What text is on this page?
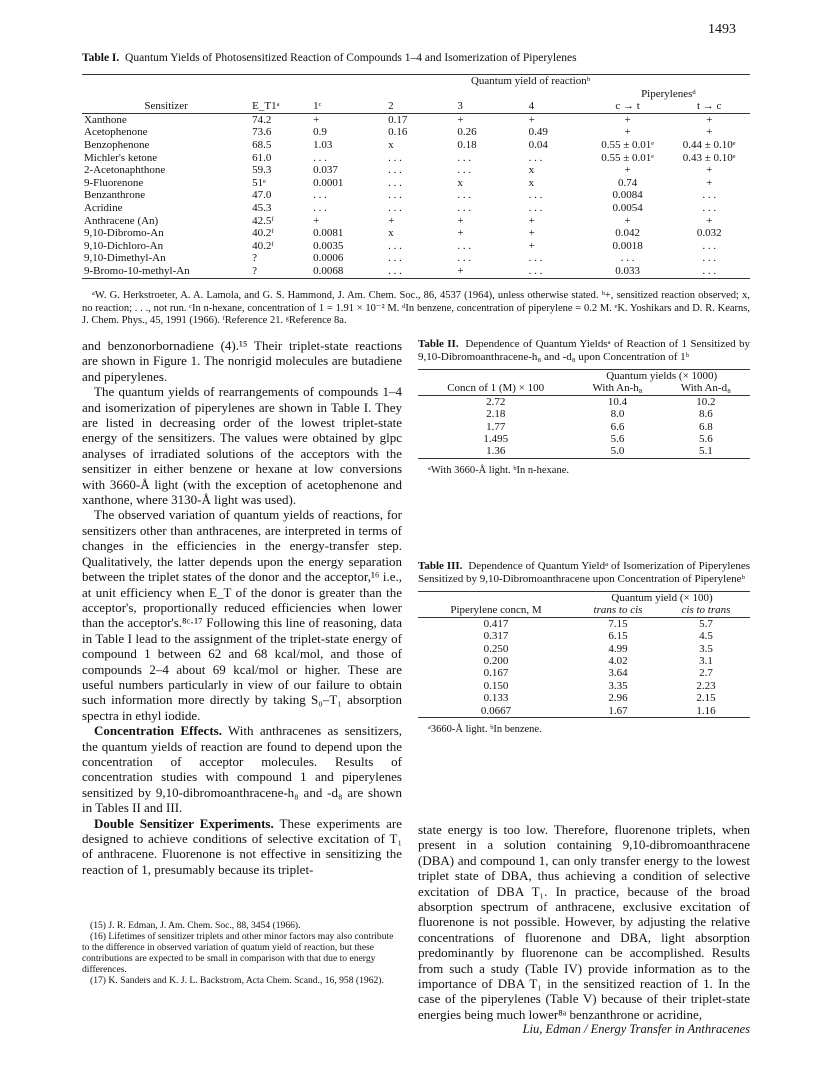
1493
Table I. Quantum Yields of Photosensitized Reaction of Compounds 1–4 and Isomerization of Piperylenes
		Quantum yield of reactionᵇ					
						Piperylenesᵈ	
Sensitizer	E_T1ᵃ	1ᶜ	2	3	4	c → t	t → c
Xanthone	74.2	+	0.17	+	+	+	+
Acetophenone	73.6	0.9	0.16	0.26	0.49	+	+
Benzophenone	68.5	1.03	x	0.18	0.04	0.55 ± 0.01ᵉ	0.44 ± 0.10ᵉ
Michler's ketone	61.0	. . .	. . .	. . .	. . .	0.55 ± 0.01ᵉ	0.43 ± 0.10ᵉ
2-Acetonaphthone	59.3	0.037	. . .	. . .	x	+	+
9-Fluorenone	51ᵉ	0.0001	. . .	x	x	0.74	+
Benzanthrone	47.0	. . .	. . .	. . .	. . .	0.0084	. . .
Acridine	45.3	. . .	. . .	. . .	. . .	0.0054	. . .
Anthracene (An)	42.5ᶠ	+	+	+	+	+	+
9,10-Dibromo-An	40.2ᶠ	0.0081	x	+	+	0.042	0.032
9,10-Dichloro-An	40.2ᶠ	0.0035	. . .	. . .	+	0.0018	. . .
9,10-Dimethyl-An	?	0.0006	. . .	. . .	. . .	. . .	. . .
9-Bromo-10-methyl-An	?	0.0068	. . .	+	. . .	0.033	. . .
ᵃW. G. Herkstroeter, A. A. Lamola, and G. S. Hammond, J. Am. Chem. Soc., 86, 4537 (1964), unless otherwise stated. ᵇ+, sensitized reaction observed; x, no reaction; . . ., not run. ᶜIn n-hexane, concentration of 1 = 1.91 × 10⁻² M. ᵈIn benzene, concentration of piperylene = 0.2 M. ᵉK. Yoshikars and D. R. Kearns, J. Chem. Phys., 45, 1991 (1966). ᶠReference 21. ᵍReference 8a.

and benzonorbornadiene (4).¹⁵ Their triplet-state reactions are shown in Figure 1. The nonrigid molecules are butadiene and piperylenes.

The quantum yields of rearrangements of compounds 1–4 and isomerization of piperylenes are shown in Table I. They are listed in decreasing order of the lowest triplet-state energy of the sensitizers. The values were obtained by glpc analyses of irradiated solutions of the acceptors with the sensitizer in either benzene or hexane at low conversions with 3660-Å light (with the exception of acetophenone and xanthone, where 3130-Å light was used).

The observed variation of quantum yields of reactions, for sensitizers other than anthracenes, are interpreted in terms of changes in the efficiencies in the energy-transfer step. Qualitatively, the latter depends upon the energy separation between the triplet states of the donor and the acceptor,¹⁶ i.e., at unit efficiency when E_T of the donor is greater than the acceptor's, proportionally reduced efficiencies when lower than the acceptor's.⁸ᶜ·¹⁷ Following this line of reasoning, data in Table I lead to the assignment of the triplet-state energy of compound 1 between 62 and 68 kcal/mol, and those of compounds 2–4 about 69 kcal/mol or higher. These are useful numbers particularly in view of our failure to obtain such information more directly by taking S₀–T₁ absorption spectra in ethyl iodide.

Concentration Effects. With anthracenes as sensitizers, the quantum yields of reaction are found to depend upon the concentration of acceptor molecules. Results of concentration studies with compound 1 and piperylenes sensitized by 9,10-dibromoanthracene-h₈ and -d₈ are shown in Tables II and III.

Double Sensitizer Experiments. These experiments are designed to achieve conditions of selective excitation of T₁ of anthracene. Fluorenone is not effective in sensitizing the reaction of 1, presumably because its triplet-

(15) J. R. Edman, J. Am. Chem. Soc., 88, 3454 (1966).
(16) Lifetimes of sensitizer triplets and other minor factors may also contribute to the difference in observed variation of quatum yield of reaction, but these contributions are expected to be small in comparison with that due to energy differences.
(17) K. Sanders and K. J. L. Backstrom, Acta Chem. Scand., 16, 958 (1962).
Table II. Dependence of Quantum Yieldsᵃ of Reaction of 1 Sensitized by 9,10-Dibromoanthracene-h₈ and -d₈ upon Concentration of 1ᵇ
	Quantum yields (× 1000)	
Concn of 1 (M) × 100	With An-h₈	With An-d₈
2.72	10.4	10.2
2.18	8.0	8.6
1.77	6.6	6.8
1.495	5.6	5.6
1.36	5.0	5.1
ᵃWith 3660-Å light. ᵇIn n-hexane.
Table III. Dependence of Quantum Yieldᵃ of Isomerization of Piperylenes Sensitized by 9,10-Dibromoanthracene upon Concentration of Piperyleneᵇ
	Quantum yield (× 100)	
Piperylene concn, M	trans to cis	cis to trans
0.417	7.15	5.7
0.317	6.15	4.5
0.250	4.99	3.5
0.200	4.02	3.1
0.167	3.64	2.7
0.150	3.35	2.23
0.133	2.96	2.15
0.0667	1.67	1.16
ᵃ3660-Å light. ᵇIn benzene.

state energy is too low. Therefore, fluorenone triplets, when present in a solution containing 9,10-dibromoanthracene (DBA) and compound 1, can only transfer energy to the lowest triplet state of DBA, thus achieving a condition of selective excitation of DBA T₁. In practice, because of the broad absorption spectrum of anthracene, exclusive excitation of fluorenone is not possible. However, by adjusting the relative concentrations of fluorenone and DBA, light absorption predominantly by fluorenone can be accomplished. Results from such a study (Table IV) provide information as to the importance of DBA T₁ in the sensitized reaction of 1. In the case of the piperylenes (Table V) because of their triplet-state energies being much lower⁸ᵃ benzanthrone or acridine,

Liu, Edman / Energy Transfer in Anthracenes
